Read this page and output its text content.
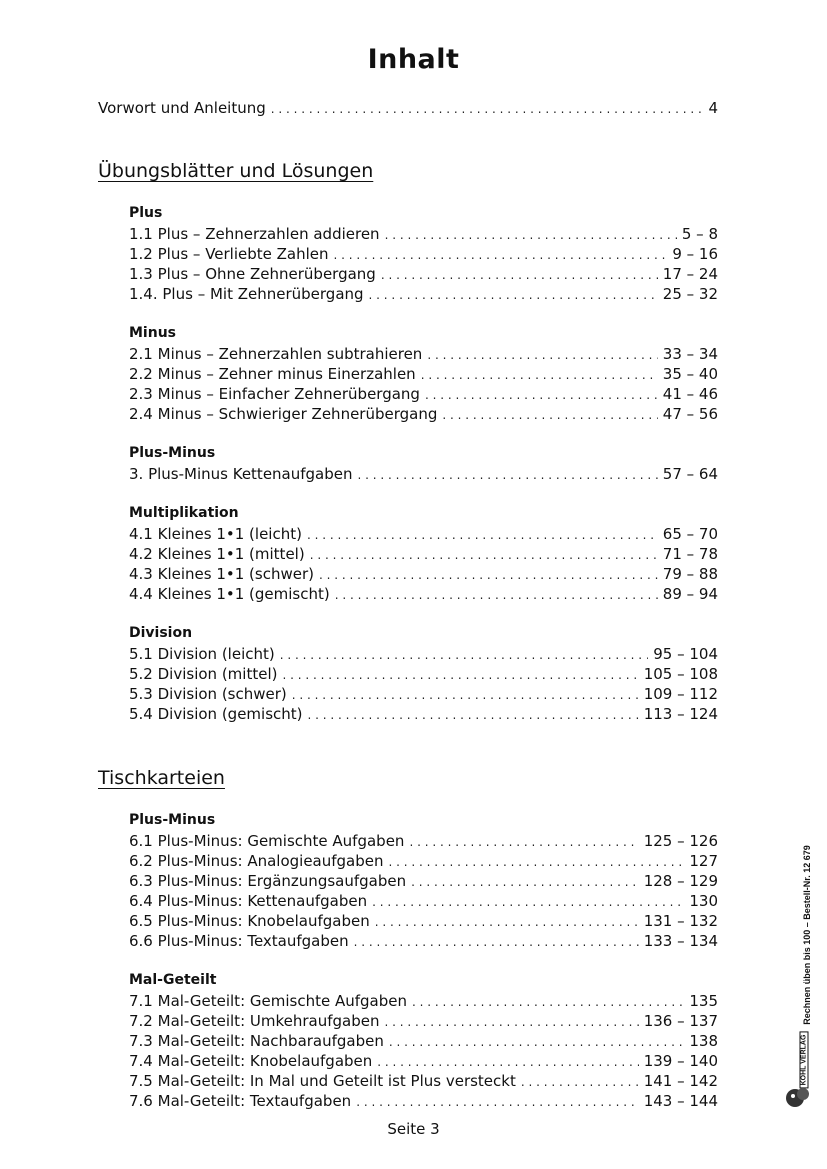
Inhalt
Vorwort und Anleitung . . .	4
Übungsblätter und Lösungen
Plus
1.1 Plus – Zehnerzahlen addieren . . .	5 – 8
1.2 Plus – Verliebte Zahlen . . .	9 – 16
1.3 Plus – Ohne Zehnerübergang . . .	17 – 24
1.4. Plus – Mit Zehnerübergang . . .	25 – 32
Minus
2.1 Minus – Zehnerzahlen subtrahieren . . .	33 – 34
2.2 Minus – Zehner minus Einerzahlen . . .	35 – 40
2.3 Minus – Einfacher Zehnerübergang . . .	41 – 46
2.4 Minus – Schwieriger Zehnerübergang . . .	47 – 56
Plus-Minus
3. Plus-Minus Kettenaufgaben . . .	57 – 64
Multiplikation
4.1 Kleines 1•1 (leicht) . . .	65 – 70
4.2 Kleines 1•1 (mittel) . . .	71 – 78
4.3 Kleines 1•1 (schwer) . . .	79 – 88
4.4 Kleines 1•1 (gemischt) . . .	89 – 94
Division
5.1 Division (leicht) . . .	95 – 104
5.2 Division (mittel) . . .	105 – 108
5.3 Division (schwer) . . .	109 – 112
5.4 Division (gemischt) . . .	113 – 124
Tischkarteien
Plus-Minus
6.1 Plus-Minus: Gemischte Aufgaben . . .	125 – 126
6.2 Plus-Minus: Analogieaufgaben . . .	127
6.3 Plus-Minus: Ergänzungsaufgaben . . .	128 – 129
6.4 Plus-Minus: Kettenaufgaben . . .	130
6.5 Plus-Minus: Knobelaufgaben . . .	131 – 132
6.6 Plus-Minus: Textaufgaben . . .	133 – 134
Mal-Geteilt
7.1 Mal-Geteilt: Gemischte Aufgaben . . .	135
7.2 Mal-Geteilt: Umkehraufgaben . . .	136 – 137
7.3 Mal-Geteilt: Nachbaraufgaben . . .	138
7.4 Mal-Geteilt: Knobelaufgaben . . .	139 – 140
7.5 Mal-Geteilt: In Mal und Geteilt ist Plus versteckt . . .	141 – 142
7.6 Mal-Geteilt: Textaufgaben . . .	143 – 144
Seite 3
Rechnen üben bis 100 – Bestell-Nr. 12 679
KOHL VERLAG
